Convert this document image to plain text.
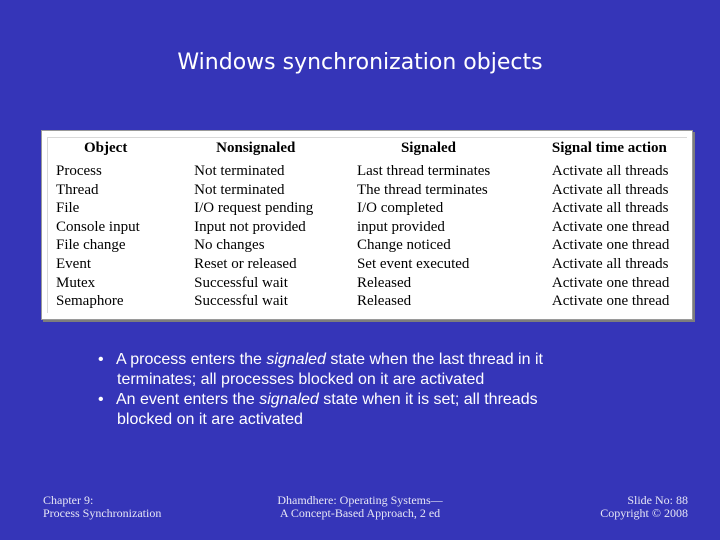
Windows synchronization objects
Object	Nonsignaled	Signaled	Signal time action
Process	Not terminated	Last thread terminates	Activate all threads
Thread	Not terminated	The thread terminates	Activate all threads
File	I/O request pending	I/O completed	Activate all threads
Console input	Input not provided	input provided	Activate one thread
File change	No changes	Change noticed	Activate one thread
Event	Reset or released	Set event executed	Activate all threads
Mutex	Successful wait	Released	Activate one thread
Semaphore	Successful wait	Released	Activate one thread
• A process enters the signaled state when the last thread in it
terminates; all processes blocked on it are activated
• An event enters the signaled state when it is set; all threads
blocked on it are activated
Chapter 9:
Process Synchronization
Dhamdhere: Operating Systems—
A Concept-Based Approach, 2 ed
Slide No: 88
Copyright © 2008
